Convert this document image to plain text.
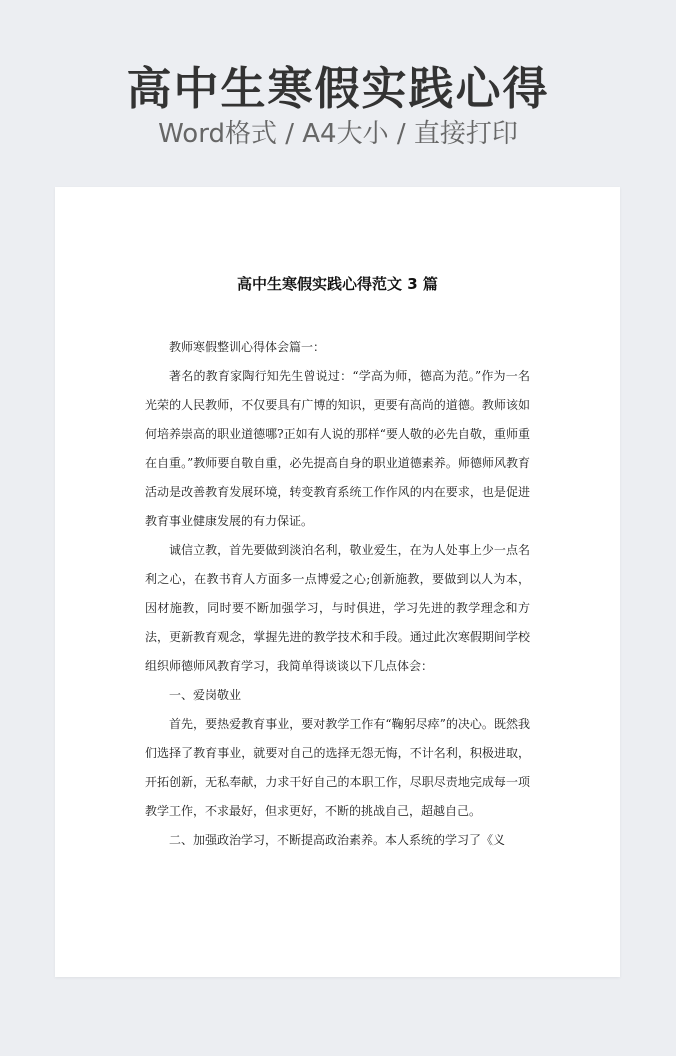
高中生寒假实践心得
Word格式 / A4大小 / 直接打印
高中生寒假实践心得范文 3 篇

教师寒假整训心得体会篇一：

著名的教育家陶行知先生曾说过：“学高为师，德高为范。”作为一名光荣的人民教师，不仅要具有广博的知识，更要有高尚的道德。教师该如何培养崇高的职业道德哪?正如有人说的那样“要人敬的必先自敬，重师重在自重。”教师要自敬自重，必先提高自身的职业道德素养。师德师风教育活动是改善教育发展环境，转变教育系统工作作风的内在要求，也是促进教育事业健康发展的有力保证。

诚信立教，首先要做到淡泊名利，敬业爱生，在为人处事上少一点名利之心，在教书育人方面多一点博爱之心;创新施教，要做到以人为本，因材施教，同时要不断加强学习，与时俱进，学习先进的教学理念和方法，更新教育观念，掌握先进的教学技术和手段。通过此次寒假期间学校组织师德师风教育学习，我简单得谈谈以下几点体会：

一、爱岗敬业

首先，要热爱教育事业，要对教学工作有“鞠躬尽瘁”的决心。既然我们选择了教育事业，就要对自己的选择无怨无悔，不计名利，积极进取，开拓创新，无私奉献，力求干好自己的本职工作，尽职尽责地完成每一项教学工作，不求最好，但求更好，不断的挑战自己，超越自己。

二、加强政治学习，不断提高政治素养。本人系统的学习了《义
